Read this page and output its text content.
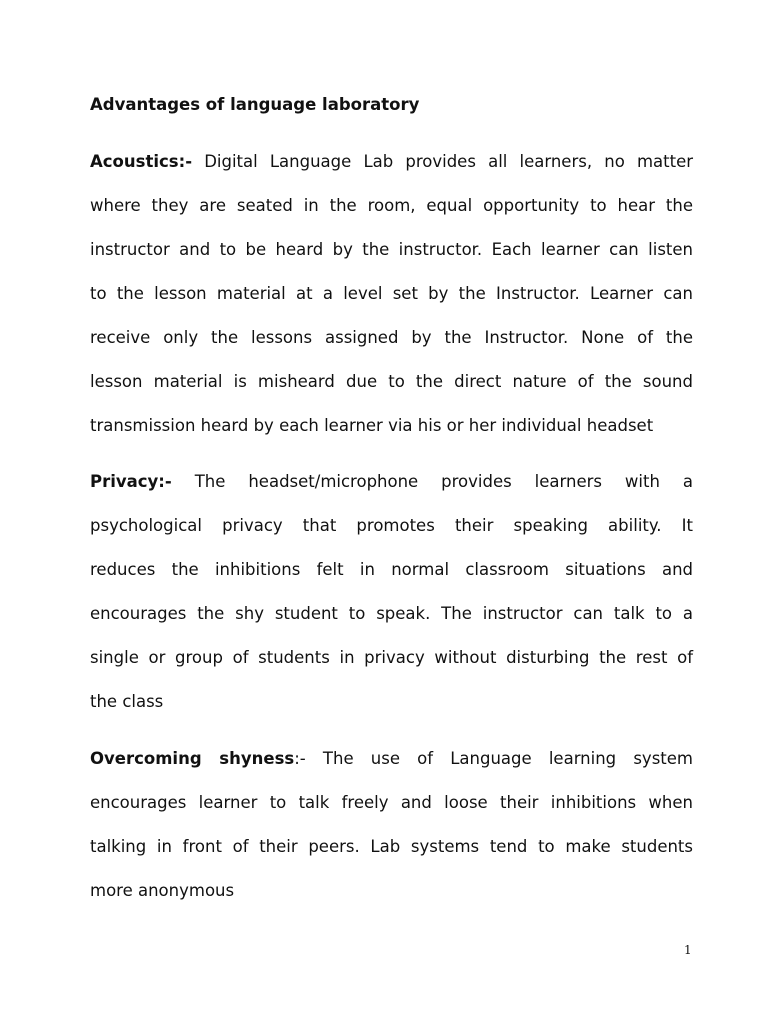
Advantages of language laboratory
Acoustics:- Digital Language Lab provides all learners, no matter
where they are seated in the room, equal opportunity to hear the
instructor and to be heard by the instructor. Each learner can listen
to the lesson material at a level set by the Instructor. Learner can
receive only the lessons assigned by the Instructor. None of the
lesson material is misheard due to the direct nature of the sound
transmission heard by each learner via his or her individual headset
Privacy:- The headset/microphone provides learners with a
psychological privacy that promotes their speaking ability. It
reduces the inhibitions felt in normal classroom situations and
encourages the shy student to speak. The instructor can talk to a
single or group of students in privacy without disturbing the rest of
the class
Overcoming shyness:- The use of Language learning system
encourages learner to talk freely and loose their inhibitions when
talking in front of their peers. Lab systems tend to make students
more anonymous
1
